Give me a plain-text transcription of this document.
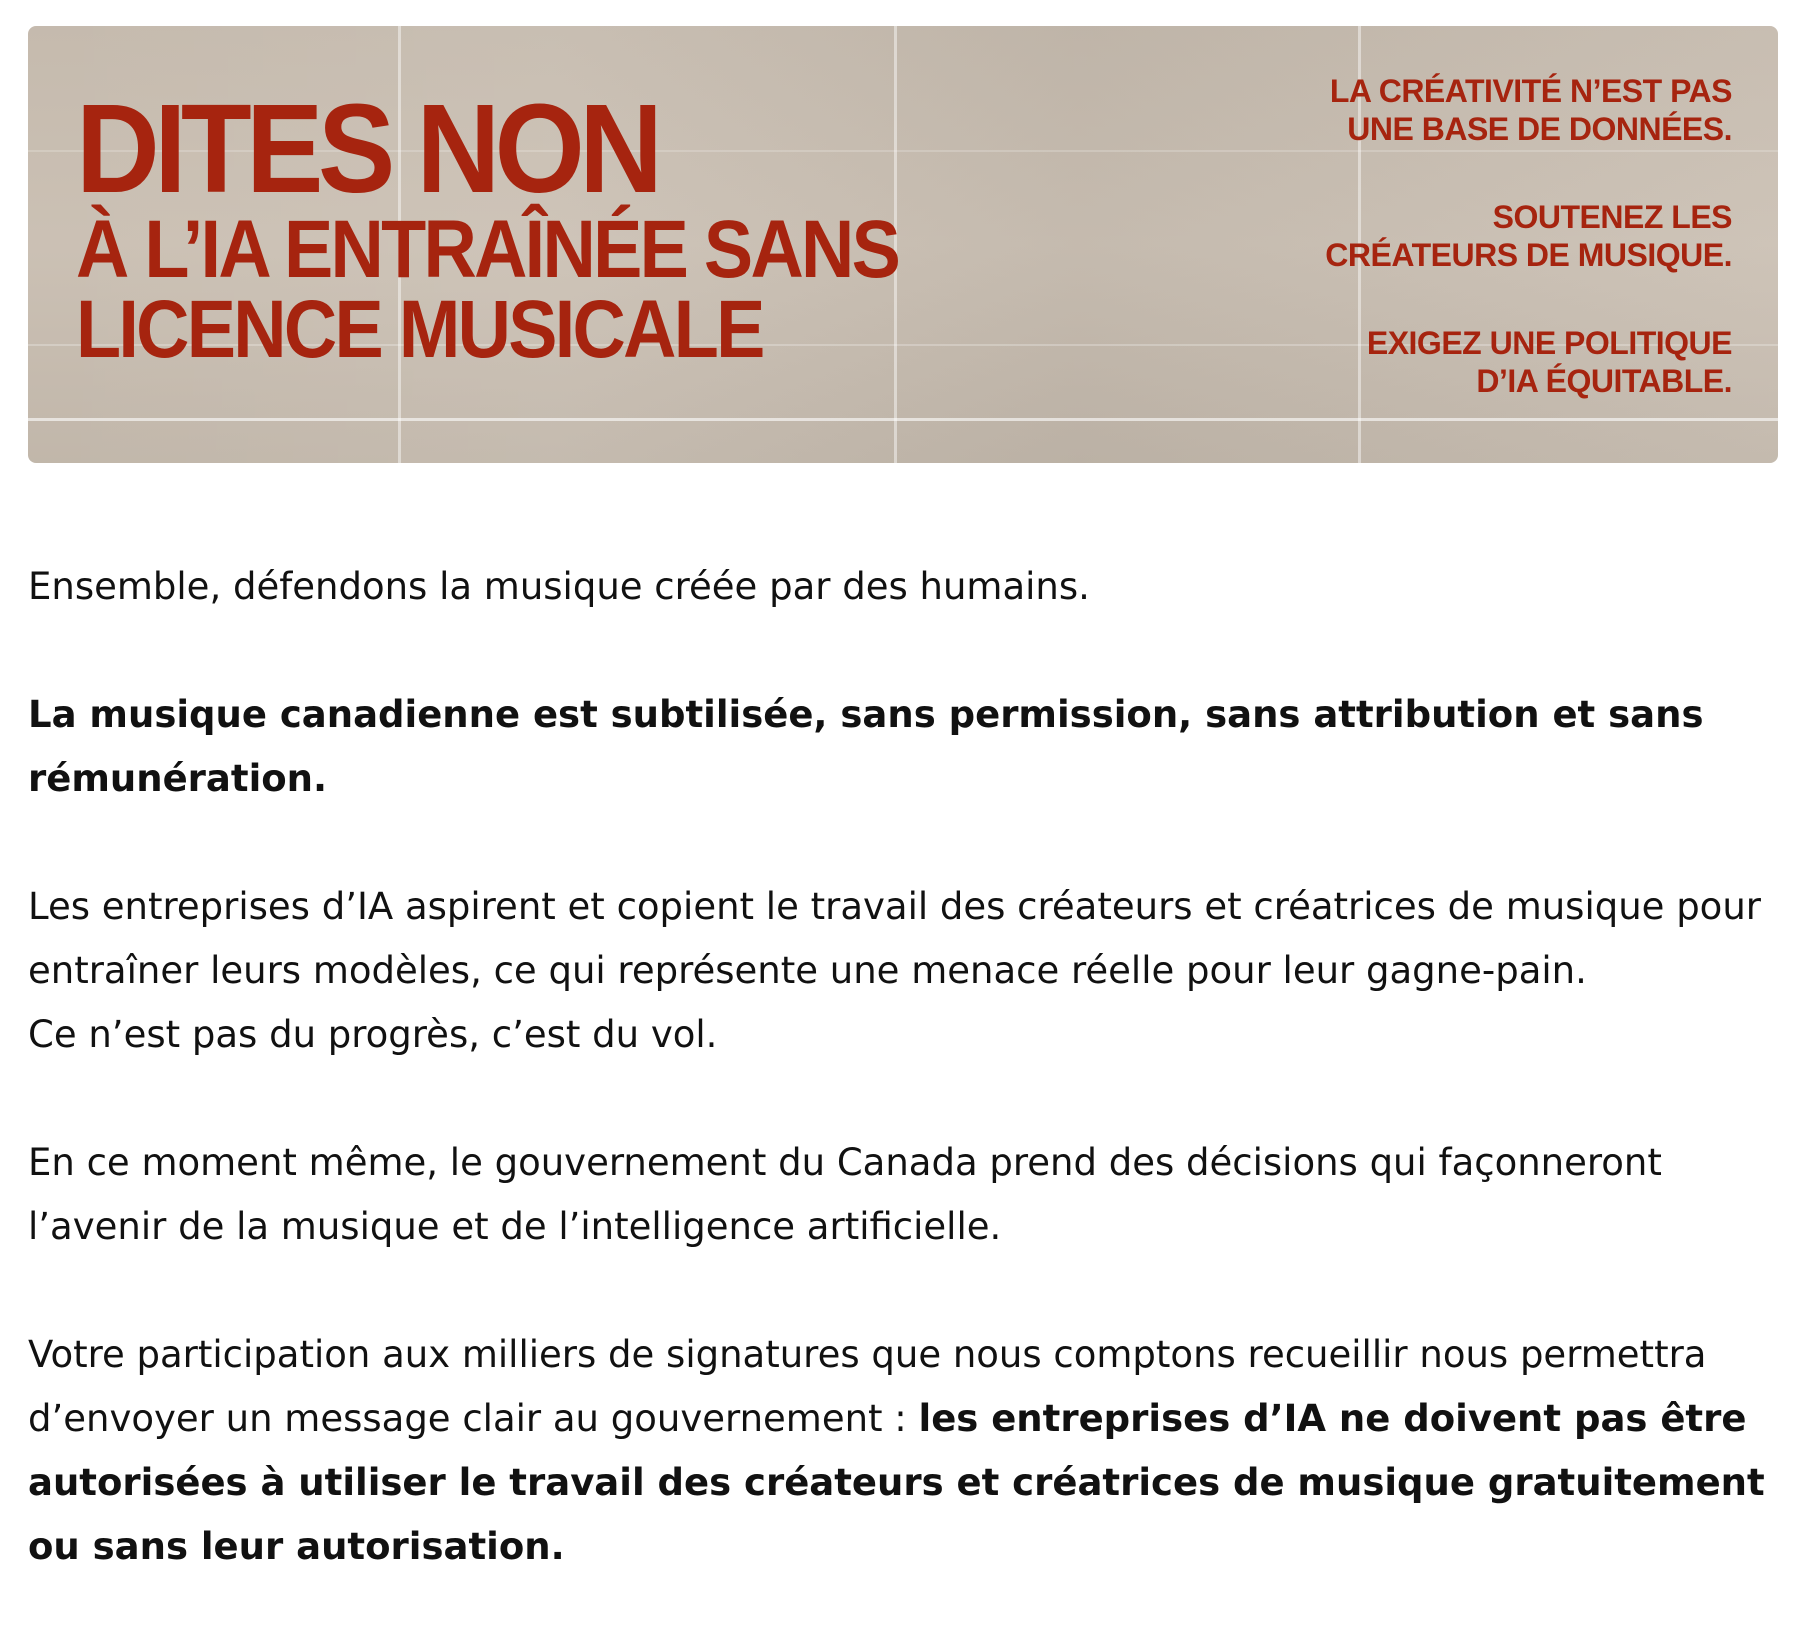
DITES NON
À L’IA ENTRAÎNÉE SANS
LICENCE MUSICALE
LA CRÉATIVITÉ N’EST PAS
UNE BASE DE DONNÉES.
SOUTENEZ LES
CRÉATEURS DE MUSIQUE.
EXIGEZ UNE POLITIQUE
D’IA ÉQUITABLE.

Ensemble, défendons la musique créée par des humains.

La musique canadienne est subtilisée, sans permission, sans attribution et sans rémunération.

Les entreprises d’IA aspirent et copient le travail des créateurs et créatrices de musique pour entraîner leurs modèles, ce qui représente une menace réelle pour leur gagne-pain.
Ce n’est pas du progrès, c’est du vol.

En ce moment même, le gouvernement du Canada prend des décisions qui façonneront l’avenir de la musique et de l’intelligence artificielle.

Votre participation aux milliers de signatures que nous comptons recueillir nous permettra d’envoyer un message clair au gouvernement : les entreprises d’IA ne doivent pas être autorisées à utiliser le travail des créateurs et créatrices de musique gratuitement ou sans leur autorisation.
